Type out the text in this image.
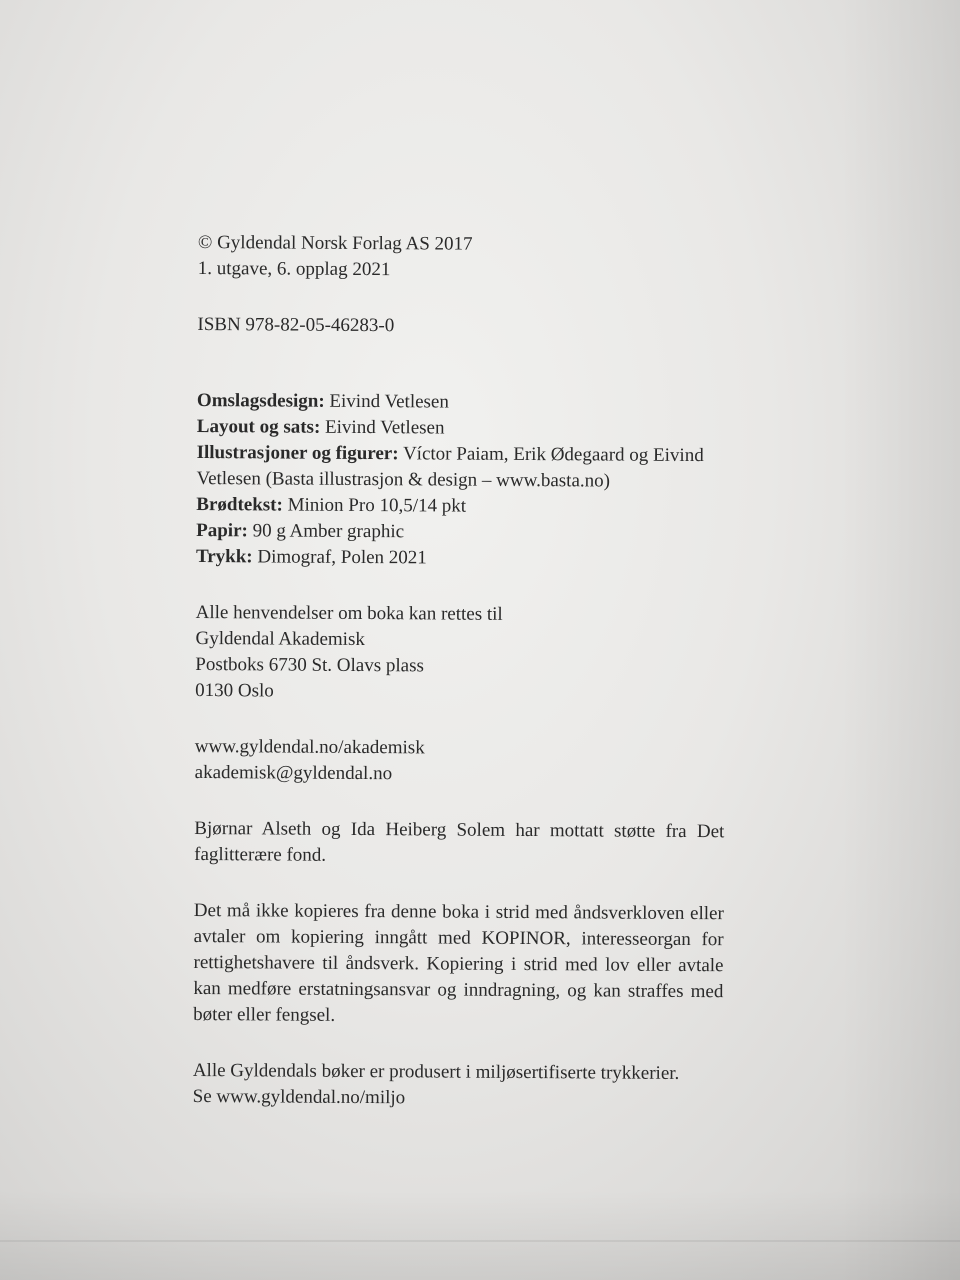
© Gyldendal Norsk Forlag AS 2017
1. utgave, 6. opplag 2021
ISBN 978-82-05-46283-0
Omslagsdesign: Eivind Vetlesen
Layout og sats: Eivind Vetlesen
Illustrasjoner og figurer: Víctor Paiam, Erik Ødegaard og Eivind
Vetlesen (Basta illustrasjon & design – www.basta.no)
Brødtekst: Minion Pro 10,5/14 pkt
Papir: 90 g Amber graphic
Trykk: Dimograf, Polen 2021
Alle henvendelser om boka kan rettes til
Gyldendal Akademisk
Postboks 6730 St. Olavs plass
0130 Oslo
www.gyldendal.no/akademisk
akademisk@gyldendal.no
Bjørnar Alseth og Ida Heiberg Solem har mottatt støtte fra Det faglitterære fond.
Det må ikke kopieres fra denne boka i strid med åndsverkloven eller avtaler om kopiering inngått med KOPINOR, interesseorgan for rettighetshavere til åndsverk. Kopiering i strid med lov eller avtale kan medføre erstatningsansvar og inndragning, og kan straffes med bøter eller fengsel.
Alle Gyldendals bøker er produsert i miljøsertifiserte trykkerier.
Se www.gyldendal.no/miljo
